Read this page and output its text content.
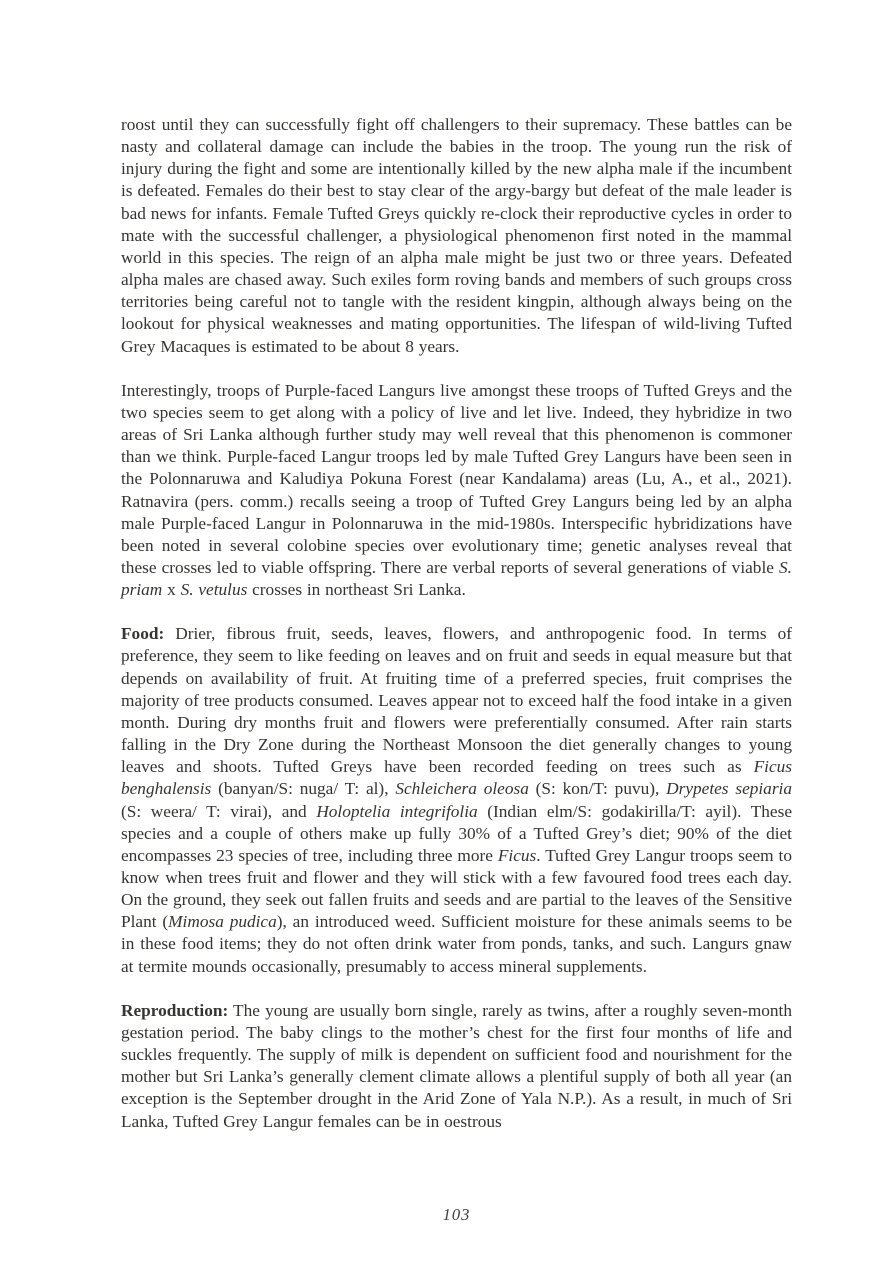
roost until they can successfully fight off challengers to their supremacy. These battles can be nasty and collateral damage can include the babies in the troop. The young run the risk of injury during the fight and some are intentionally killed by the new alpha male if the incumbent is defeated. Females do their best to stay clear of the argy-bargy but defeat of the male leader is bad news for infants. Female Tufted Greys quickly re-clock their reproductive cycles in order to mate with the successful challenger, a physiological phenomenon first noted in the mammal world in this species. The reign of an alpha male might be just two or three years. Defeated alpha males are chased away. Such exiles form roving bands and members of such groups cross territories being careful not to tangle with the resident kingpin, although always being on the lookout for physical weaknesses and mating opportunities. The lifespan of wild-living Tufted Grey Macaques is estimated to be about 8 years.

Interestingly, troops of Purple-faced Langurs live amongst these troops of Tufted Greys and the two species seem to get along with a policy of live and let live. Indeed, they hybridize in two areas of Sri Lanka although further study may well reveal that this phenomenon is commoner than we think. Purple-faced Langur troops led by male Tufted Grey Langurs have been seen in the Polonnaruwa and Kaludiya Pokuna Forest (near Kandalama) areas (Lu, A., et al., 2021). Ratnavira (pers. comm.) recalls seeing a troop of Tufted Grey Langurs being led by an alpha male Purple-faced Langur in Polonnaruwa in the mid-1980s. Interspecific hybridizations have been noted in several colobine species over evolutionary time; genetic analyses reveal that these crosses led to viable offspring. There are verbal reports of several generations of viable S. priam x S. vetulus crosses in northeast Sri Lanka.

Food: Drier, fibrous fruit, seeds, leaves, flowers, and anthropogenic food. In terms of preference, they seem to like feeding on leaves and on fruit and seeds in equal measure but that depends on availability of fruit. At fruiting time of a preferred species, fruit comprises the majority of tree products consumed. Leaves appear not to exceed half the food intake in a given month. During dry months fruit and flowers were preferentially consumed. After rain starts falling in the Dry Zone during the Northeast Monsoon the diet generally changes to young leaves and shoots. Tufted Greys have been recorded feeding on trees such as Ficus benghalensis (banyan/S: nuga/ T: al), Schleichera oleosa (S: kon/T: puvu), Drypetes sepiaria (S: weera/ T: virai), and Holoptelia integrifolia (Indian elm/S: godakirilla/T: ayil). These species and a couple of others make up fully 30% of a Tufted Grey’s diet; 90% of the diet encompasses 23 species of tree, including three more Ficus. Tufted Grey Langur troops seem to know when trees fruit and flower and they will stick with a few favoured food trees each day. On the ground, they seek out fallen fruits and seeds and are partial to the leaves of the Sensitive Plant (Mimosa pudica), an introduced weed. Sufficient moisture for these animals seems to be in these food items; they do not often drink water from ponds, tanks, and such. Langurs gnaw at termite mounds occasionally, presumably to access mineral supplements.

Reproduction: The young are usually born single, rarely as twins, after a roughly seven-month gestation period. The baby clings to the mother’s chest for the first four months of life and suckles frequently. The supply of milk is dependent on sufficient food and nourishment for the mother but Sri Lanka’s generally clement climate allows a plentiful supply of both all year (an exception is the September drought in the Arid Zone of Yala N.P.). As a result, in much of Sri Lanka, Tufted Grey Langur females can be in oestrous

103
